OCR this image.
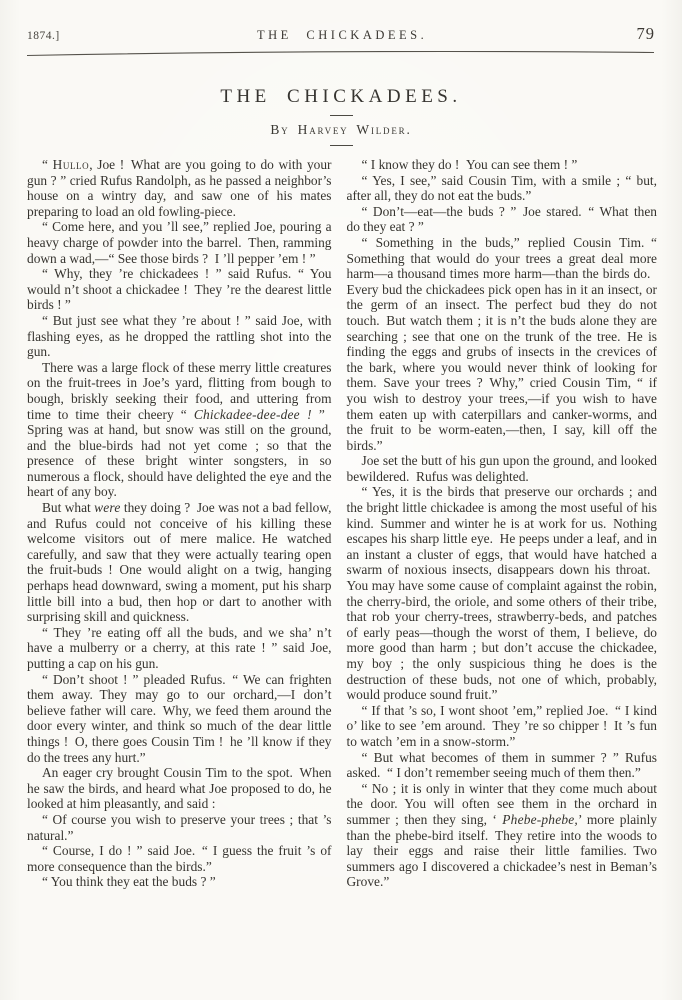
1874.]	THE CHICKADEES.	79
THE CHICKADEES.
By Harvey Wilder.

“ Hullo, Joe ! What are you going to do with your gun ? ” cried Rufus Randolph, as he passed a neighbor’s house on a wintry day, and saw one of his mates preparing to load an old fowling-piece.

“ Come here, and you ’ll see,” replied Joe, pouring a heavy charge of powder into the barrel. Then, ramming down a wad,—“ See those birds ? I ’ll pepper ’em ! ”

“ Why, they ’re chickadees ! ” said Rufus. “ You would n’t shoot a chickadee ! They ’re the dearest little birds ! ”

“ But just see what they ’re about ! ” said Joe, with flashing eyes, as he dropped the rattling shot into the gun.

There was a large flock of these merry little creatures on the fruit-trees in Joe’s yard, flitting from bough to bough, briskly seeking their food, and uttering from time to time their cheery “ Chickadee-dee-dee ! ” Spring was at hand, but snow was still on the ground, and the blue-birds had not yet come ; so that the presence of these bright winter songsters, in so numerous a flock, should have delighted the eye and the heart of any boy.

But what were they doing ? Joe was not a bad fellow, and Rufus could not conceive of his killing these welcome visitors out of mere malice. He watched carefully, and saw that they were actually tearing open the fruit-buds ! One would alight on a twig, hanging perhaps head downward, swing a moment, put his sharp little bill into a bud, then hop or dart to another with surprising skill and quickness.

“ They ’re eating off all the buds, and we sha’ n’t have a mulberry or a cherry, at this rate ! ” said Joe, putting a cap on his gun.

“ Don’t shoot ! ” pleaded Rufus. “ We can frighten them away. They may go to our orchard,—I don’t believe father will care. Why, we feed them around the door every winter, and think so much of the dear little things ! O, there goes Cousin Tim ! he ’ll know if they do the trees any hurt.”

An eager cry brought Cousin Tim to the spot. When he saw the birds, and heard what Joe proposed to do, he looked at him pleasantly, and said :

“ Of course you wish to preserve your trees ; that ’s natural.”

“ Course, I do ! ” said Joe. “ I guess the fruit ’s of more consequence than the birds.”

“ You think they eat the buds ? ”

“ I know they do ! You can see them ! ”

“ Yes, I see,” said Cousin Tim, with a smile ; “ but, after all, they do not eat the buds.”

“ Don’t—eat—the buds ? ” Joe stared. “ What then do they eat ? ”

“ Something in the buds,” replied Cousin Tim. “ Something that would do your trees a great deal more harm—a thousand times more harm—than the birds do. Every bud the chickadees pick open has in it an insect, or the germ of an insect. The perfect bud they do not touch. But watch them ; it is n’t the buds alone they are searching ; see that one on the trunk of the tree. He is finding the eggs and grubs of insects in the crevices of the bark, where you would never think of looking for them. Save your trees ? Why,” cried Cousin Tim, “ if you wish to destroy your trees,—if you wish to have them eaten up with caterpillars and canker-worms, and the fruit to be worm-eaten,—then, I say, kill off the birds.”

Joe set the butt of his gun upon the ground, and looked bewildered. Rufus was delighted.

“ Yes, it is the birds that preserve our orchards ; and the bright little chickadee is among the most useful of his kind. Summer and winter he is at work for us. Nothing escapes his sharp little eye. He peeps under a leaf, and in an instant a cluster of eggs, that would have hatched a swarm of noxious insects, disappears down his throat. You may have some cause of complaint against the robin, the cherry-bird, the oriole, and some others of their tribe, that rob your cherry-trees, strawberry-beds, and patches of early peas—though the worst of them, I believe, do more good than harm ; but don’t accuse the chickadee, my boy ; the only suspicious thing he does is the destruction of these buds, not one of which, probably, would produce sound fruit.”

“ If that ’s so, I wont shoot ’em,” replied Joe. “ I kind o’ like to see ’em around. They ’re so chipper ! It ’s fun to watch ’em in a snow-storm.”

“ But what becomes of them in summer ? ” Rufus asked. “ I don’t remember seeing much of them then.”

“ No ; it is only in winter that they come much about the door. You will often see them in the orchard in summer ; then they sing, ‘ Phebe-phebe,’ more plainly than the phebe-bird itself. They retire into the woods to lay their eggs and raise their little families. Two summers ago I discovered a chickadee’s nest in Beman’s Grove.”
